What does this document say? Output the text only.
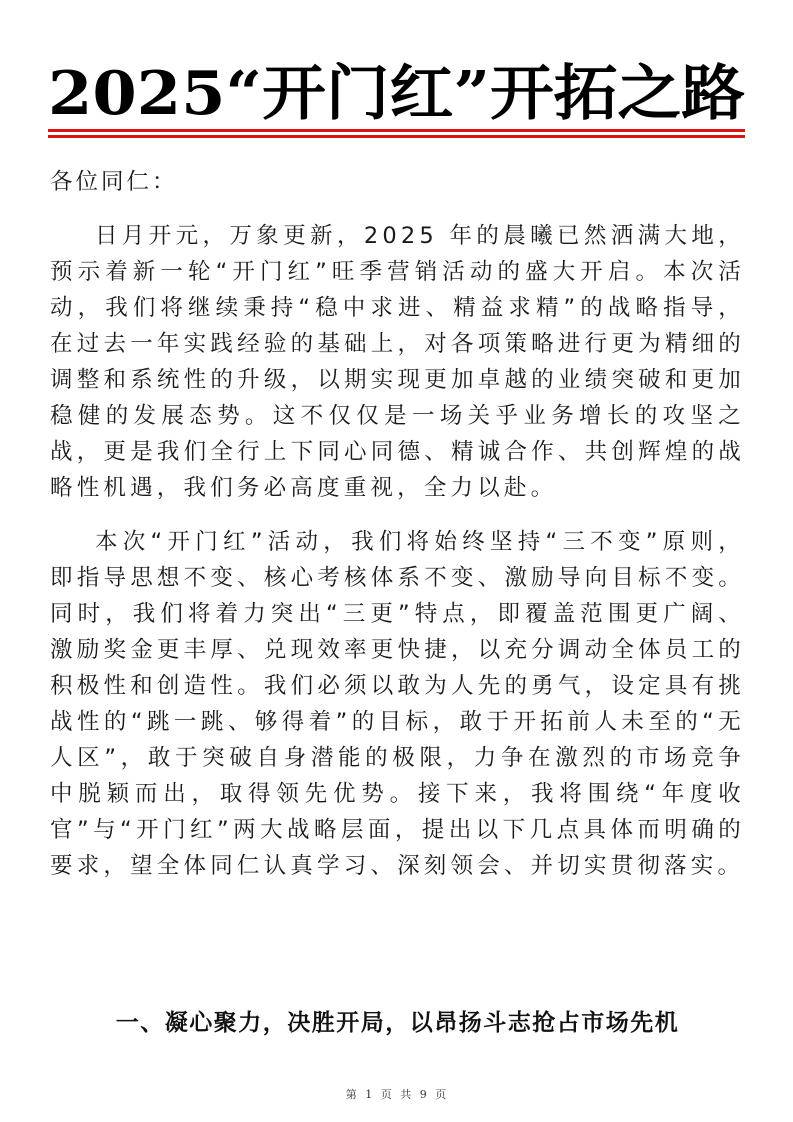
2025“开门红”开拓之路

各位同仁：

日月开元，万象更新，2025 年的晨曦已然洒满大地，预示着新一轮“开门红”旺季营销活动的盛大开启。本次活动，我们将继续秉持“稳中求进、精益求精”的战略指导，在过去一年实践经验的基础上，对各项策略进行更为精细的调整和系统性的升级，以期实现更加卓越的业绩突破和更加稳健的发展态势。这不仅仅是一场关乎业务增长的攻坚之战，更是我们全行上下同心同德、精诚合作、共创辉煌的战略性机遇，我们务必高度重视，全力以赴。

本次“开门红”活动，我们将始终坚持“三不变”原则，即指导思想不变、核心考核体系不变、激励导向目标不变。同时，我们将着力突出“三更”特点，即覆盖范围更广阔、激励奖金更丰厚、兑现效率更快捷，以充分调动全体员工的积极性和创造性。我们必须以敢为人先的勇气，设定具有挑战性的“跳一跳、够得着”的目标，敢于开拓前人未至的“无人区”，敢于突破自身潜能的极限，力争在激烈的市场竞争中脱颖而出，取得领先优势。接下来，我将围绕“年度收官”与“开门红”两大战略层面，提出以下几点具体而明确的要求，望全体同仁认真学习、深刻领会、并切实贯彻落实。

一、凝心聚力，决胜开局，以昂扬斗志抢占市场先机
第 1 页 共 9 页
